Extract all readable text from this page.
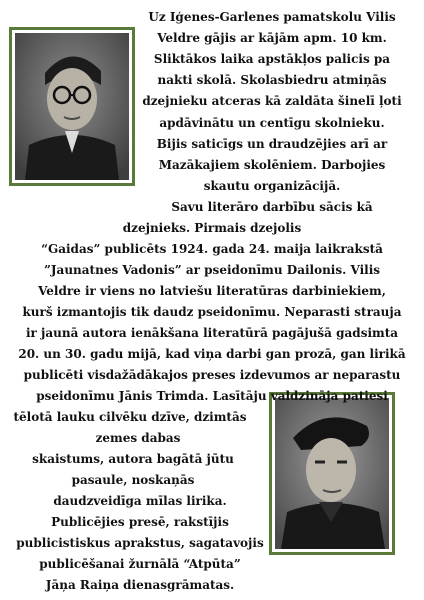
Uz Iģenes-Garlenes pamatskolu Vilis
Veldre gājis ar kājām apm. 10 km.
Sliktākos laika apstākļos palicis pa
nakti skolā. Skolasbiedru atmiņās
dzejnieku atceras kā zaldāta šinelī ļoti
apdāvinātu un centīgu skolnieku.
Bijis saticīgs un draudzējies arī ar
Mazākajiem skolēniem. Darbojies
skautu organizācijā.
Savu literāro darbību sācis kā
dzejnieks. Pirmais dzejolis
“Gaidas” publicēts 1924. gada 24. maija laikrakstā
”Jaunatnes Vadonis” ar pseidonīmu Dailonis. Vilis
Veldre ir viens no latviešu literatūras darbiniekiem,
kurš izmantojis tik daudz pseidonīmu. Neparasti strauja
ir jaunā autora ienākšana literatūrā pagājušā gadsimta
20. un 30. gadu mijā, kad viņa darbi gan prozā, gan lirikā
publicēti visdažādākajos preses izdevumos ar neparastu
pseidonīmu Jānis Trimda. Lasītāju valdzināja patiesi
tēlotā lauku cilvēku dzīve, dzimtās
zemes dabas
skaistums, autora bagātā jūtu
pasaule, noskaņās
daudzveidīga mīlas lirika.
Publicējies presē, rakstījis
publicistiskus aprakstus, sagatavojis
publicēšanai žurnālā “Atpūta”
Jāņa Raiņa dienasgrāmatas.
